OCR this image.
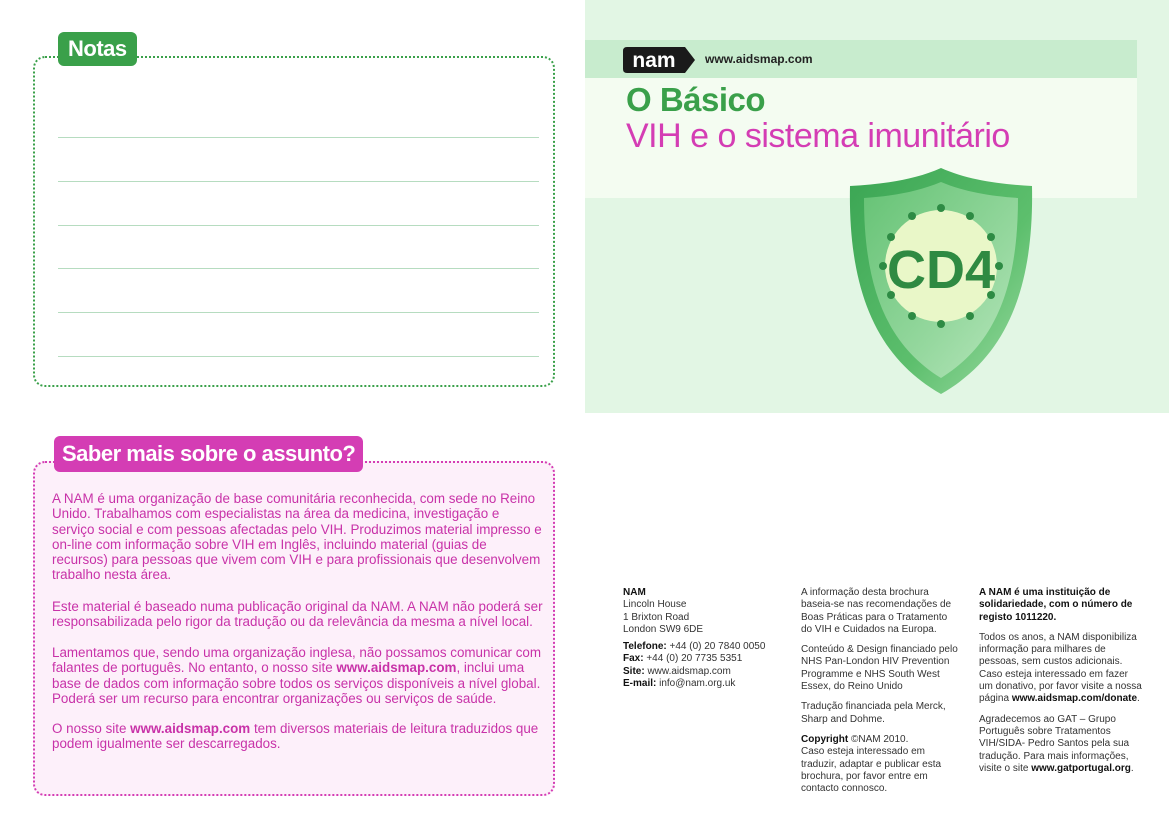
Notas
Saber mais sobre o assunto?
A NAM é uma organização de base comunitária reconhecida, com sede no Reino Unido. Trabalhamos com especialistas na área da medicina, investigação e serviço social e com pessoas afectadas pelo VIH. Produzimos material impresso e on-line com informação sobre VIH em Inglês, incluindo material (guias de recursos) para pessoas que vivem com VIH e para profissionais que desenvolvem trabalho nesta área.
Este material é baseado numa publicação original da NAM. A NAM não poderá ser responsabilizada pelo rigor da tradução ou da relevância da mesma a nível local.
Lamentamos que, sendo uma organização inglesa, não possamos comunicar com falantes de português. No entanto, o nosso site www.aidsmap.com, inclui uma base de dados com informação sobre todos os serviços disponíveis a nível global. Poderá ser um recurso para encontrar organizações ou serviços de saúde.
O nosso site www.aidsmap.com tem diversos materiais de leitura traduzidos que podem igualmente ser descarregados.
nam www.aidsmap.com
O Básico
VIH e o sistema imunitário
CD4
NAM
Lincoln House
1 Brixton Road
London SW9 6DE
Telefone: +44 (0) 20 7840 0050
Fax: +44 (0) 20 7735 5351
Site: www.aidsmap.com
E-mail: info@nam.org.uk

A informação desta brochura baseia-se nas recomendações de Boas Práticas para o Tratamento do VIH e Cuidados na Europa.

Conteúdo & Design financiado pelo NHS Pan-London HIV Prevention Programme e NHS South West Essex, do Reino Unido

Tradução financiada pela Merck, Sharp and Dohme.

Copyright ©NAM 2010.
Caso esteja interessado em traduzir, adaptar e publicar esta brochura, por favor entre em contacto connosco.

A NAM é uma instituição de solidariedade, com o número de registo 1011220.

Todos os anos, a NAM disponibiliza informação para milhares de pessoas, sem custos adicionais. Caso esteja interessado em fazer um donativo, por favor visite a nossa página www.aidsmap.com/donate.

Agradecemos ao GAT – Grupo Português sobre Tratamentos VIH/SIDA- Pedro Santos pela sua tradução. Para mais informações, visite o site www.gatportugal.org.
